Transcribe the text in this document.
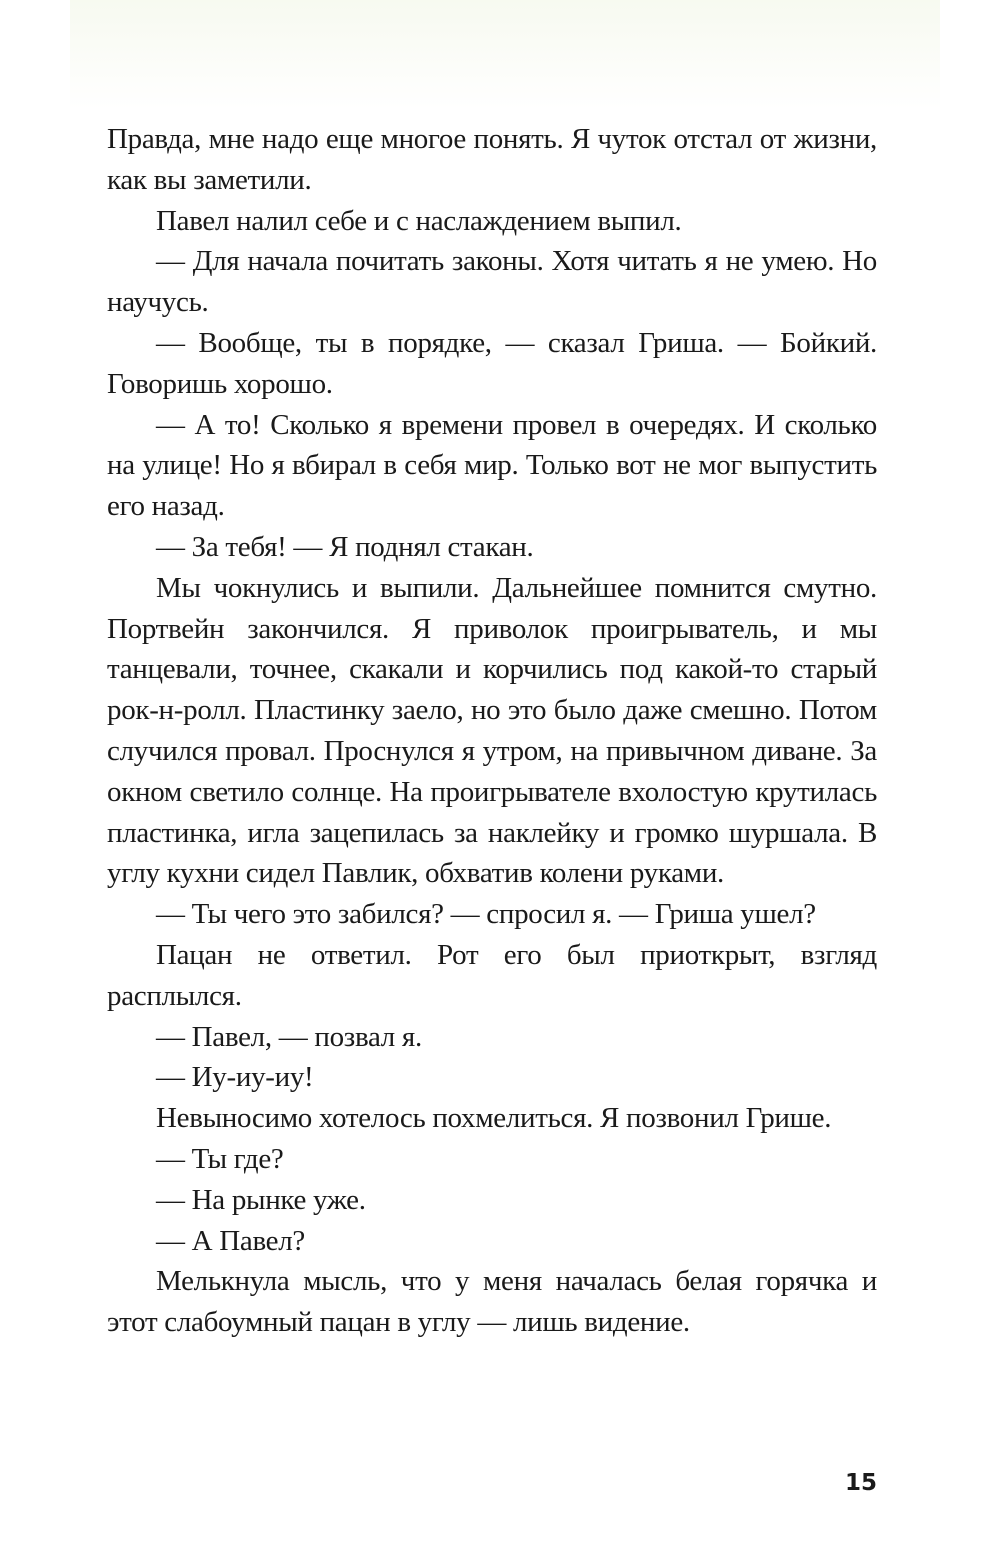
Правда, мне надо еще многое понять. Я чуток отстал от жизни, как вы заметили.

Павел налил себе и с наслаждением выпил.

— Для начала почитать законы. Хотя читать я не умею. Но научусь.

— Вообще, ты в порядке, — сказал Гриша. — Бойкий. Говоришь хорошо.

— А то! Сколько я времени провел в очередях. И сколько на улице! Но я вбирал в себя мир. Только вот не мог выпустить его назад.

— За тебя! — Я поднял стакан.

Мы чокнулись и выпили. Дальнейшее помнится смутно. Портвейн закончился. Я приволок проигрыватель, и мы танцевали, точнее, скакали и корчились под какой-то старый рок-н-ролл. Пластинку заело, но это было даже смешно. Потом случился провал. Проснулся я утром, на привычном диване. За окном светило солнце. На проигрывателе вхолостую крутилась пластинка, игла зацепилась за наклейку и громко шуршала. В углу кухни сидел Павлик, обхватив колени руками.

— Ты чего это забился? — спросил я. — Гриша ушел?

Пацан не ответил. Рот его был приоткрыт, взгляд расплылся.

— Павел, — позвал я.

— Иу-иу-иу!

Невыносимо хотелось похмелиться. Я позвонил Грише.

— Ты где?

— На рынке уже.

— А Павел?

Мелькнула мысль, что у меня началась белая горячка и этот слабоумный пацан в углу — лишь видение.

15
